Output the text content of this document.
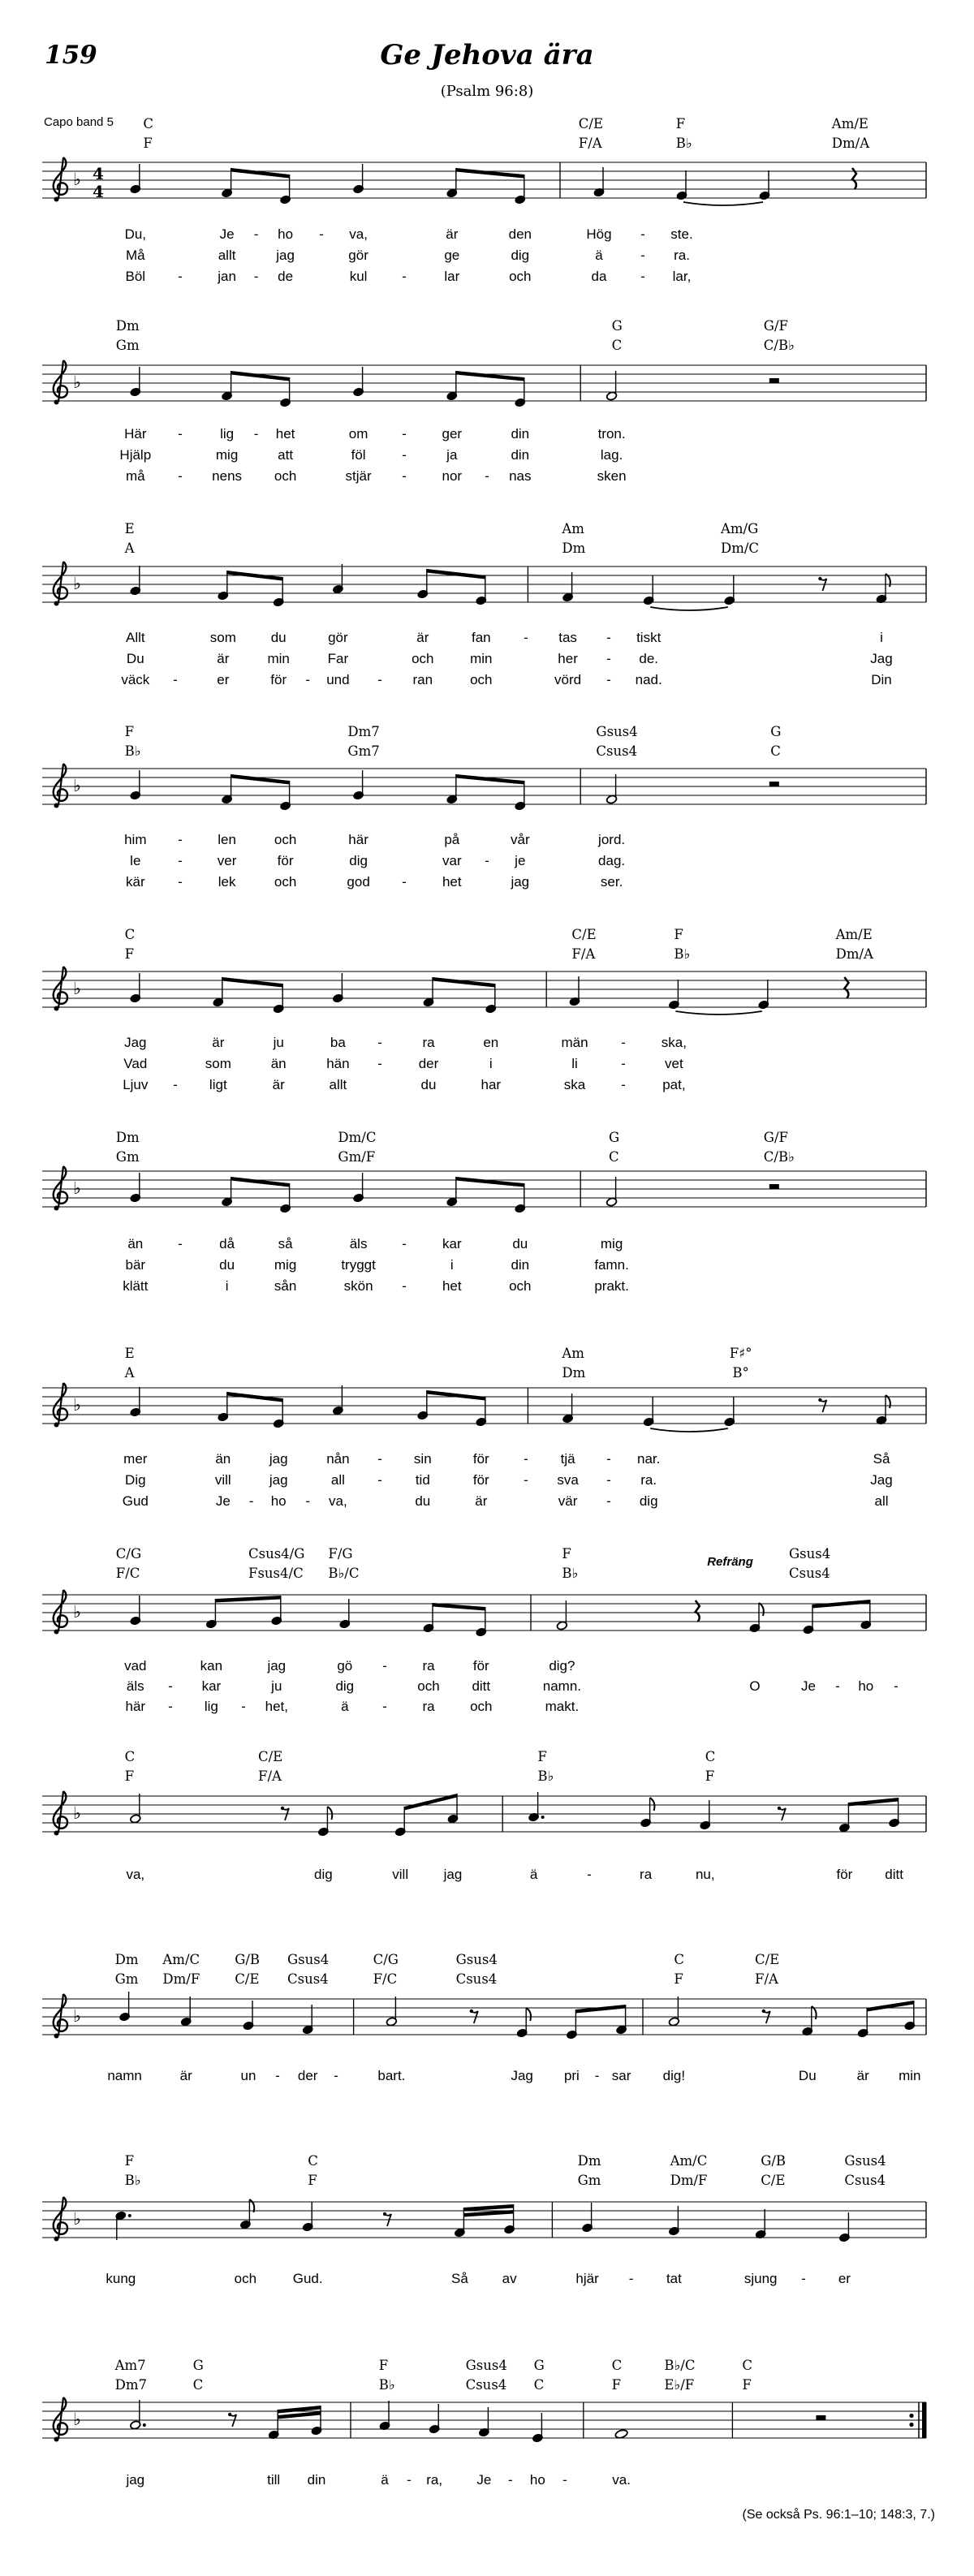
159	Ge Jehova ära
(Psalm 96:8)
Capo band 5 C	C/E	F	Am/E
F	F/A	B♭	Dm/A
♭ 4
4
Du,	Je - ho - va,	är	den	Hög - ste.
Må	allt	jag	gör	ge	dig	ä	- ra.
Böl -	jan - de	kul	-	lar	och	da - lar,
Dm	G	G/F
Gm	C	C/B♭
♭
Här -	lig - het	om -	ger	din	tron.
Hjälp	mig	att	föl	-	ja	din	lag.
må - nens och	stjär -	nor - nas	sken
E	Am	Am/G
A	Dm	Dm/C
♭
Allt	som	du	gör	är	fan - tas - tiskt	i
Du	är	min	Far	och	min	her - de.	Jag
väck -	er	för - und - ran	och	vörd - nad.	Din
F	Dm7	Gsus4	G
B♭	Gm7	Csus4	C
♭
him -	len	och	här	på	vår	jord.
le	-	ver	för	dig	var - je	dag.
kär -	lek	och	god -	het	jag	ser.
C	C/E	F	Am/E
F	F/A	B♭	Dm/A
♭
Jag	är	ju	ba -	ra	en	män -	ska,
Vad	som	än	hän -	der	i	li	-	vet
Ljuv - ligt	är	allt	du	har	ska	-	pat,
Dm	Dm/C	G	G/F
Gm	Gm/F	C	C/B♭
♭
än	-	då	så	äls	-	kar	du	mig
bär	du	mig	tryggt	i	din	famn.
klätt	i	sån	skön -	het	och	prakt.
E	Am	F♯°
A	Dm	B°
♭
mer	än	jag	nån - sin	för - tjä - nar.	Så
Dig	vill	jag	all - tid	för - sva - ra.	Jag
Gud	Je - ho - va,	du	är	vär - dig	all
C/G	Csus4/G F/G	F	Gsus4
F/C	Fsus4/C B♭/C	B♭	Csus4
Refräng
♭
vad	kan	jag	gö -	ra	för	dig?
äls - kar	ju	dig	och ditt	namn.	O	Je - ho -
här - lig - het,	ä -	ra	och	makt.
C	C/E	F	C
F	F/A	B♭	F
♭
va,	dig	vill	jag	ä	-	ra	nu,	för ditt
Dm Am/C	G/B Gsus4	C/G	Gsus4	C	C/E
Gm Dm/F	C/E Csus4	F/C	Csus4	F	F/A
♭
namn	är	un - der -	bart.	Jag pri - sar dig!	Du	är min
F	C	Dm	Am/C	G/B	Gsus4
B♭	F	Gm	Dm/F	C/E	Csus4
♭
kung	och	Gud.	Så av	hjär - tat	sjung - er
Am7	G	F	Gsus4 G	C	B♭/C	C
Dm7	C	B♭	Csus4 C	F	E♭/F	F
♭
jag	till din	ä - ra, Je - ho -	va.
(Se också Ps. 96:1–10; 148:3, 7.)
